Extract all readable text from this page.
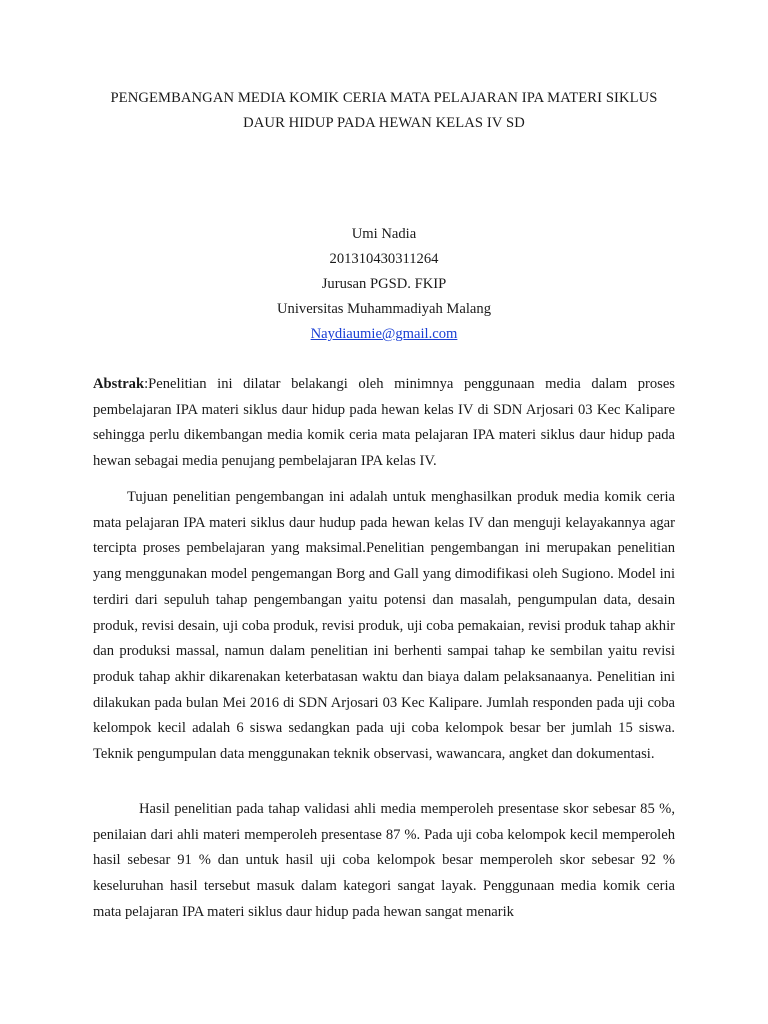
PENGEMBANGAN MEDIA KOMIK CERIA MATA PELAJARAN IPA MATERI SIKLUS
DAUR HIDUP PADA HEWAN KELAS IV SD
Umi Nadia
201310430311264
Jurusan PGSD. FKIP
Universitas Muhammadiyah Malang
Naydiaumie@gmail.com

Abstrak:Penelitian ini dilatar belakangi oleh minimnya penggunaan media dalam proses pembelajaran IPA materi siklus daur hidup pada hewan kelas IV di SDN Arjosari 03 Kec Kalipare sehingga perlu dikembangan media komik ceria mata pelajaran IPA materi siklus daur hidup pada hewan sebagai media penujang pembelajaran IPA kelas IV.

Tujuan penelitian pengembangan ini adalah untuk menghasilkan produk media komik ceria mata pelajaran IPA materi siklus daur hudup pada hewan kelas IV dan menguji kelayakannya agar tercipta proses pembelajaran yang maksimal.Penelitian pengembangan ini merupakan penelitian yang menggunakan model pengemangan Borg and Gall yang dimodifikasi oleh Sugiono. Model ini terdiri dari sepuluh tahap pengembangan yaitu potensi dan masalah, pengumpulan data, desain produk, revisi desain, uji coba produk, revisi produk, uji coba pemakaian, revisi produk tahap akhir dan produksi massal, namun dalam penelitian ini berhenti sampai tahap ke sembilan yaitu revisi produk tahap akhir dikarenakan keterbatasan waktu dan biaya dalam pelaksanaanya. Penelitian ini dilakukan pada bulan Mei 2016 di SDN Arjosari 03 Kec Kalipare. Jumlah responden pada uji coba kelompok kecil adalah 6 siswa sedangkan pada uji coba kelompok besar ber jumlah 15 siswa. Teknik pengumpulan data menggunakan teknik observasi, wawancara, angket dan dokumentasi.

Hasil penelitian pada tahap validasi ahli media memperoleh presentase skor sebesar 85 %, penilaian dari ahli materi memperoleh presentase 87 %. Pada uji coba kelompok kecil memperoleh hasil sebesar 91 % dan untuk hasil uji coba kelompok besar memperoleh skor sebesar 92 % keseluruhan hasil tersebut masuk dalam kategori sangat layak. Penggunaan media komik ceria mata pelajaran IPA materi siklus daur hidup pada hewan sangat menarik
